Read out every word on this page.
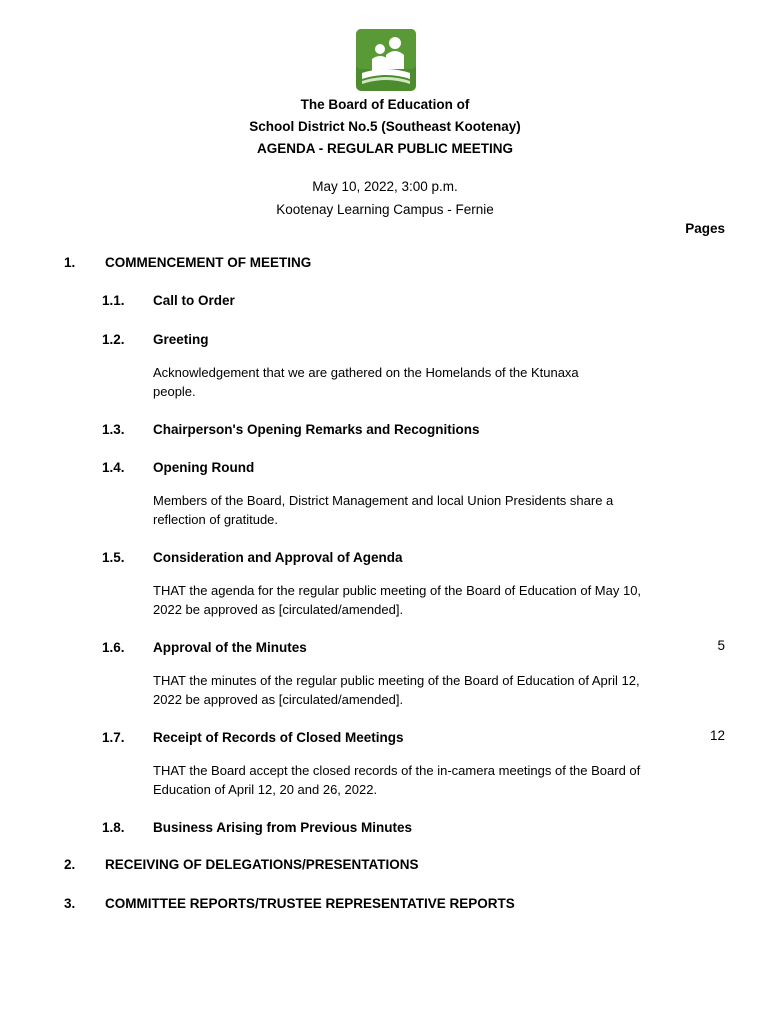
The Board of Education of
School District No.5 (Southeast Kootenay)
AGENDA - REGULAR PUBLIC MEETING
May 10, 2022, 3:00 p.m.
Kootenay Learning Campus - Fernie
Pages
1. COMMENCEMENT OF MEETING
1.1. Call to Order
1.2. Greeting
Acknowledgement that we are gathered on the Homelands of the Ktunaxa people.
1.3. Chairperson's Opening Remarks and Recognitions
1.4. Opening Round
Members of the Board, District Management and local Union Presidents share a reflection of gratitude.
1.5. Consideration and Approval of Agenda
THAT the agenda for the regular public meeting of the Board of Education of May 10, 2022 be approved as [circulated/amended].
1.6. Approval of the Minutes	5
THAT the minutes of the regular public meeting of the Board of Education of April 12, 2022 be approved as [circulated/amended].
1.7. Receipt of Records of Closed Meetings	12
THAT the Board accept the closed records of the in-camera meetings of the Board of Education of April 12, 20 and 26, 2022.
1.8. Business Arising from Previous Minutes
2. RECEIVING OF DELEGATIONS/PRESENTATIONS
3. COMMITTEE REPORTS/TRUSTEE REPRESENTATIVE REPORTS
